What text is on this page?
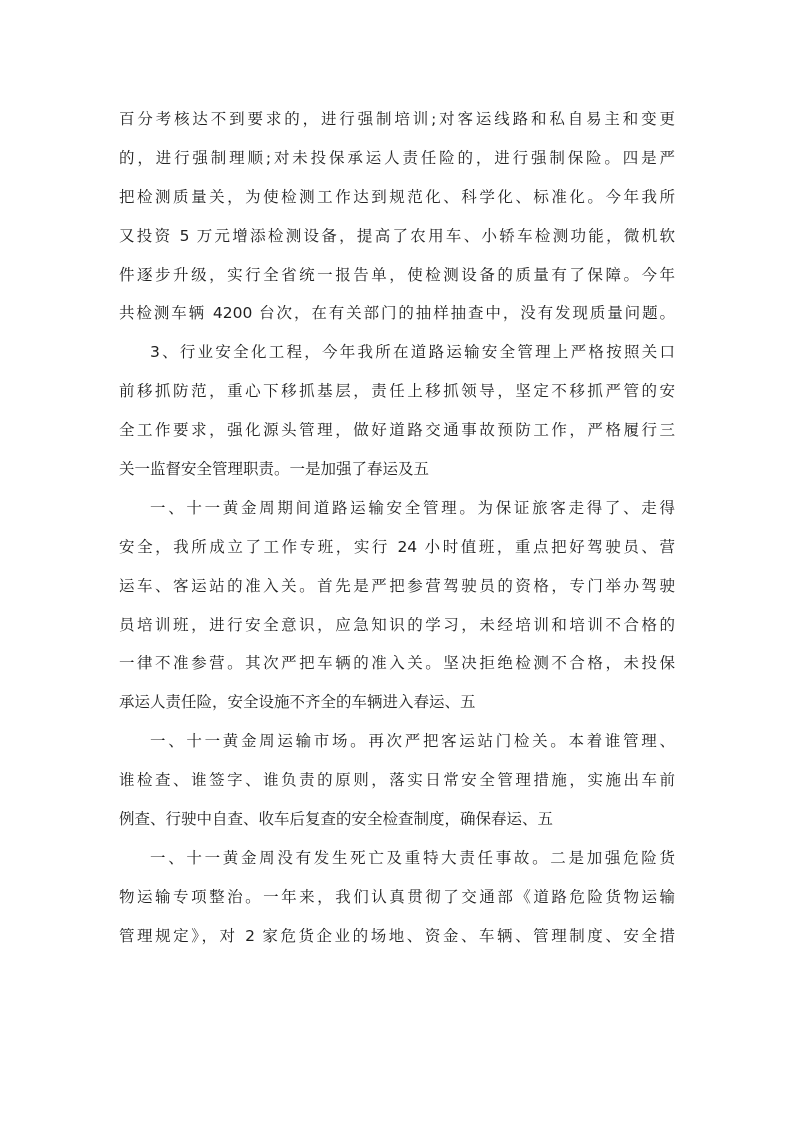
百分考核达不到要求的，进行强制培训;对客运线路和私自易主和变更
的，进行强制理顺;对未投保承运人责任险的，进行强制保险。四是严
把检测质量关，为使检测工作达到规范化、科学化、标准化。今年我所
又投资 5 万元增添检测设备，提高了农用车、小轿车检测功能，微机软
件逐步升级，实行全省统一报告单，使检测设备的质量有了保障。今年
共检测车辆 4200 台次，在有关部门的抽样抽查中，没有发现质量问题。
3、行业安全化工程，今年我所在道路运输安全管理上严格按照关口
前移抓防范，重心下移抓基层，责任上移抓领导，坚定不移抓严管的安
全工作要求，强化源头管理，做好道路交通事故预防工作，严格履行三
关一监督安全管理职责。一是加强了春运及五
一、十一黄金周期间道路运输安全管理。为保证旅客走得了、走得
安全，我所成立了工作专班，实行 24 小时值班，重点把好驾驶员、营
运车、客运站的准入关。首先是严把参营驾驶员的资格，专门举办驾驶
员培训班，进行安全意识，应急知识的学习，未经培训和培训不合格的
一律不准参营。其次严把车辆的准入关。坚决拒绝检测不合格，未投保
承运人责任险，安全设施不齐全的车辆进入春运、五
一、十一黄金周运输市场。再次严把客运站门检关。本着谁管理、
谁检查、谁签字、谁负责的原则，落实日常安全管理措施，实施出车前
例查、行驶中自查、收车后复查的安全检查制度，确保春运、五
一、十一黄金周没有发生死亡及重特大责任事故。二是加强危险货
物运输专项整治。一年来，我们认真贯彻了交通部《道路危险货物运输
管理规定》，对 2 家危货企业的场地、资金、车辆、管理制度、安全措
